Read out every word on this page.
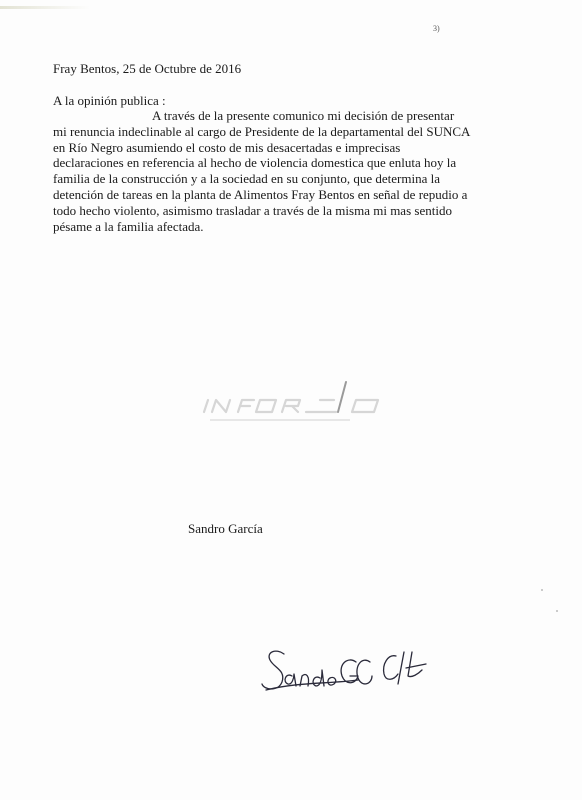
3)
Fray Bentos, 25 de Octubre de 2016
A la opinión publica :
A través de la presente comunico mi decisión de presentar
mi renuncia indeclinable al cargo de Presidente de la departamental del SUNCA
en Río Negro asumiendo el costo de mis desacertadas e imprecisas
declaraciones en referencia al hecho de violencia domestica que enluta hoy la
familia de la construcción y a la sociedad en su conjunto, que determina la
detención de tareas en la planta de Alimentos Fray Bentos en señal de repudio a
todo hecho violento, asimismo trasladar a través de la misma mi mas sentido
pésame a la familia afectada.
Sandro García
